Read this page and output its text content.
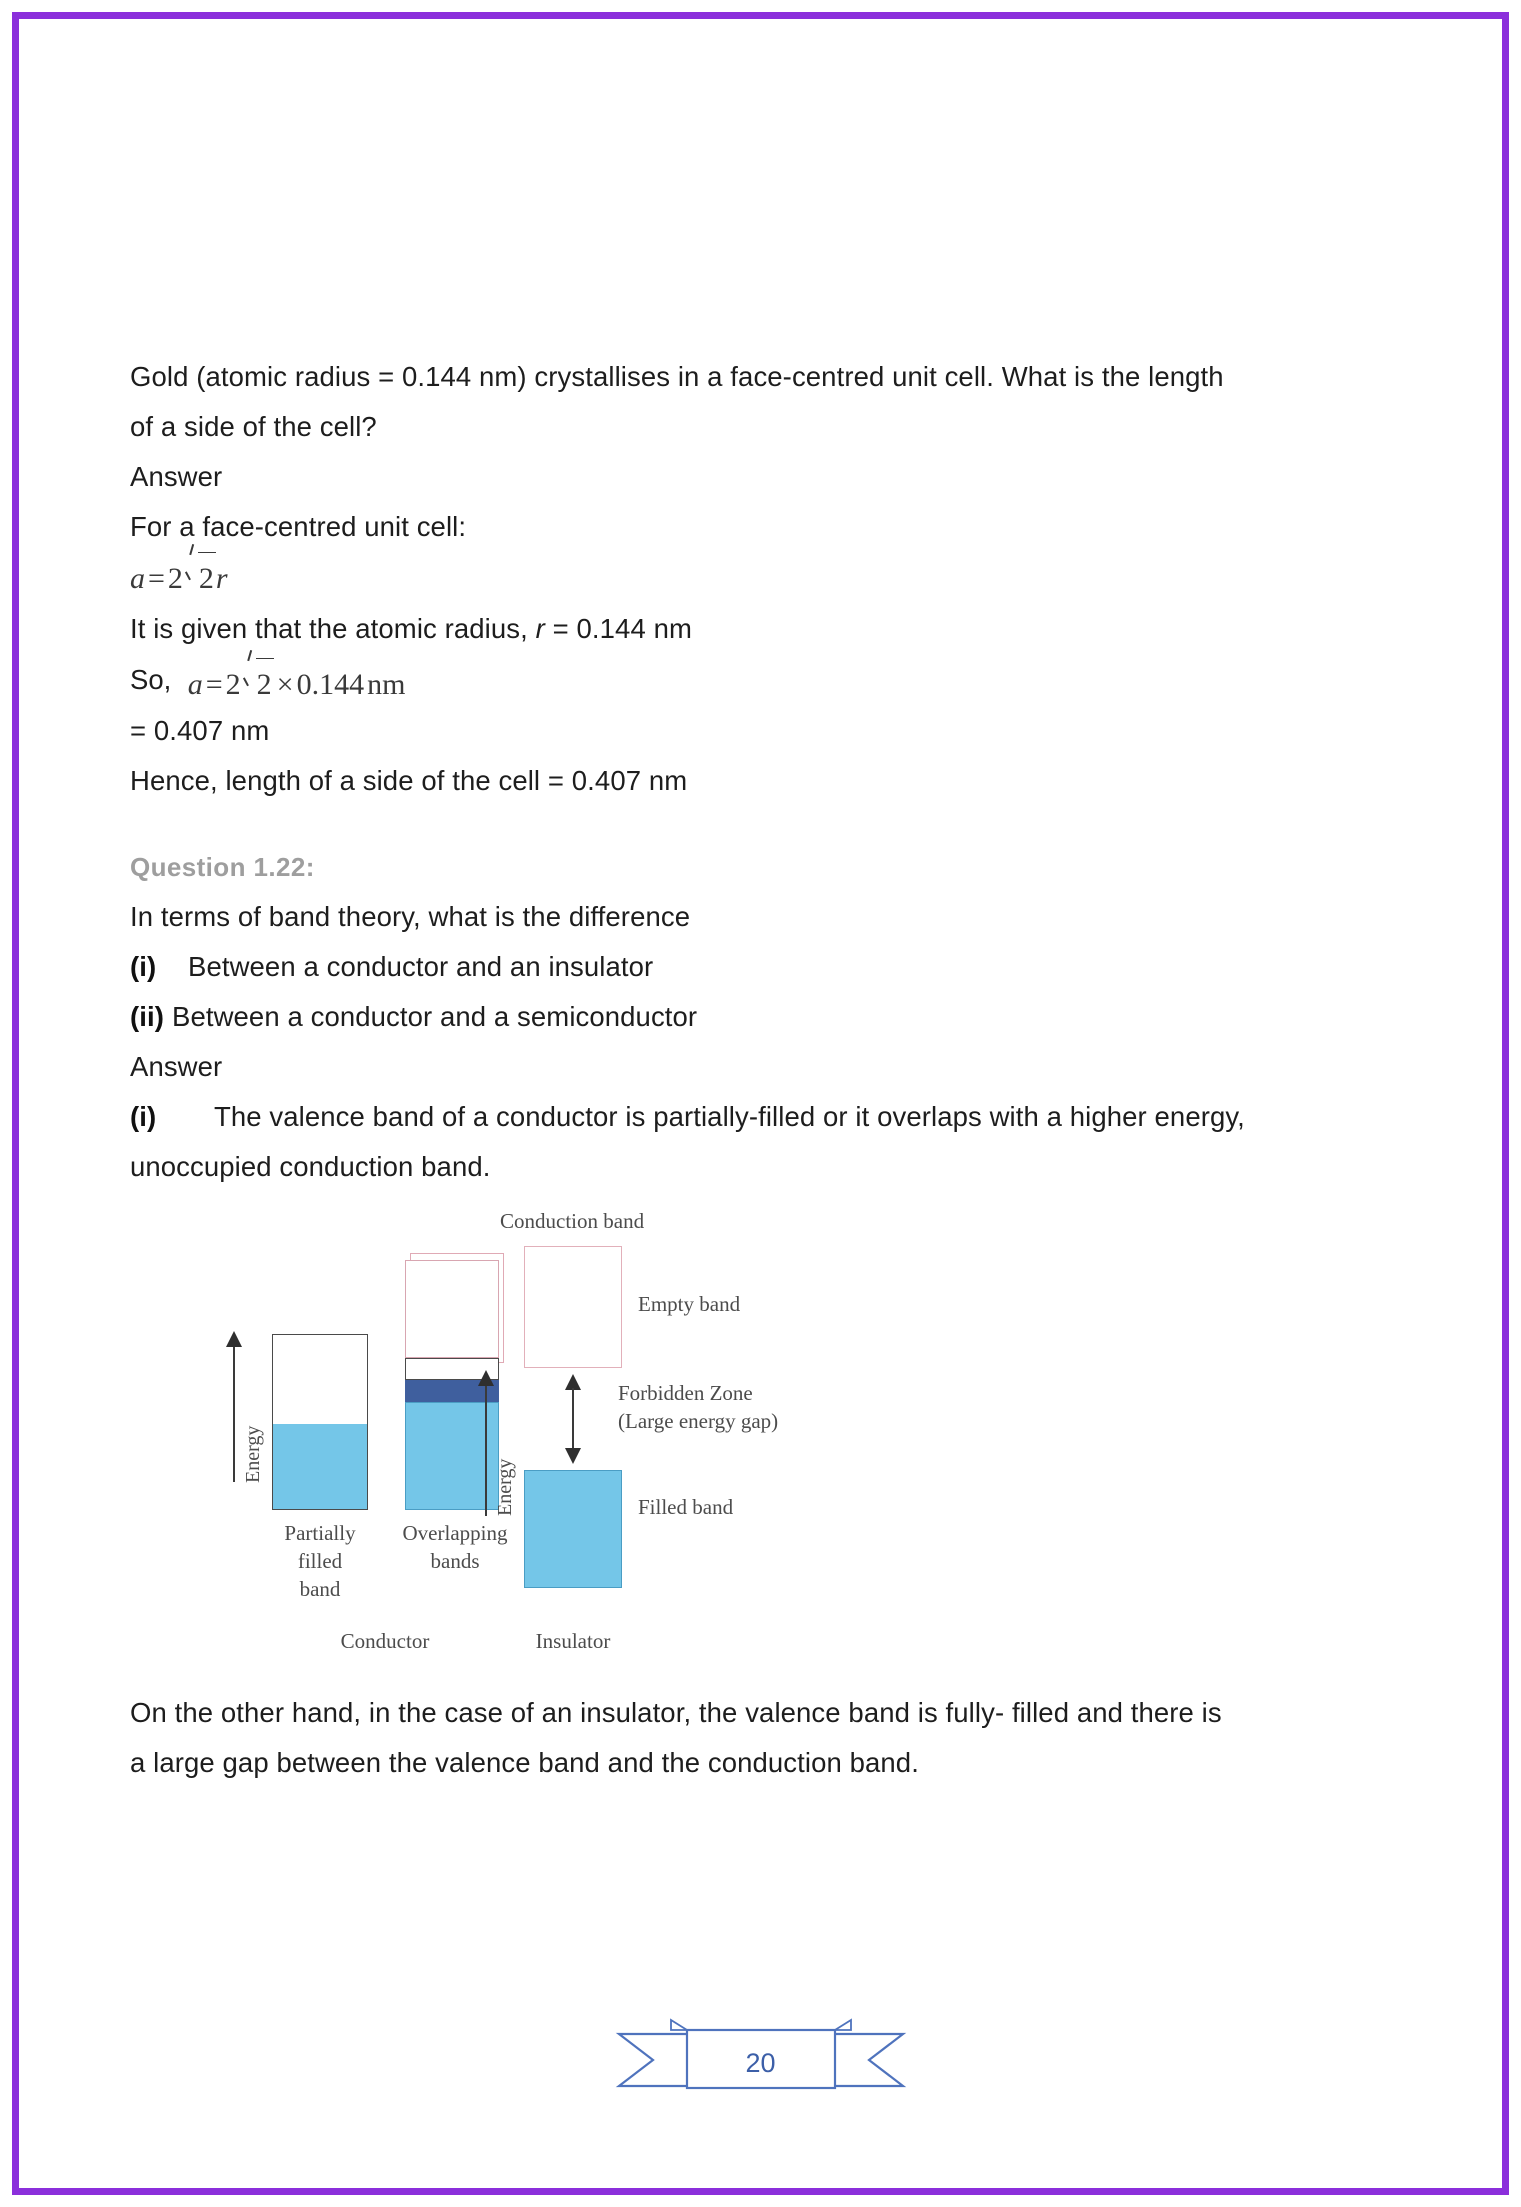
Gold (atomic radius = 0.144 nm) crystallises in a face-centred unit cell. What is the length

of a side of the cell?

Answer

For a face-centred unit cell:

a = 2 2r

It is given that the atomic radius, r = 0.144 nm

So, a = 2 2 × 0.144 nm

= 0.407 nm

Hence, length of a side of the cell = 0.407 nm

Question 1.22:

In terms of band theory, what is the difference

(i) Between a conductor and an insulator

(ii) Between a conductor and a semiconductor

Answer

(i) The valence band of a conductor is partially-filled or it overlaps with a higher energy,

unoccupied conduction band.

Conduction band
Energy
Partially
filled
band
Overlapping
bands
Conductor
Energy
Empty band
Forbidden Zone
(Large energy gap)
Filled band
Insulator

On the other hand, in the case of an insulator, the valence band is fully- filled and there is

a large gap between the valence band and the conduction band.

20
